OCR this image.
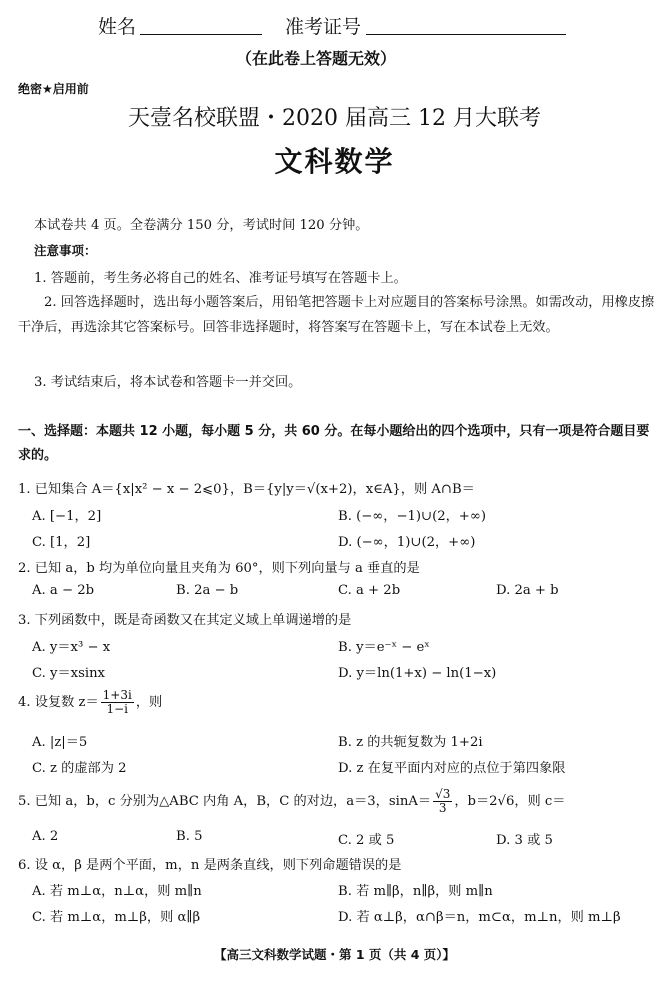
姓名	准考证号
（在此卷上答题无效）
绝密★启用前
天壹名校联盟・2020 届高三 12 月大联考
文科数学
本试卷共 4 页。全卷满分 150 分，考试时间 120 分钟。
注意事项：
1. 答题前，考生务必将自己的姓名、准考证号填写在答题卡上。
2. 回答选择题时，选出每小题答案后，用铅笔把答题卡上对应题目的答案标号涂黑。如需改动，用橡皮擦干净后，再选涂其它答案标号。回答非选择题时，将答案写在答题卡上，写在本试卷上无效。
3. 考试结束后，将本试卷和答题卡一并交回。
一、选择题：本题共 12 小题，每小题 5 分，共 60 分。在每小题给出的四个选项中，只有一项是符合题目要求的。
1. 已知集合 A＝{x|x² − x − 2⩽0}，B＝{y|y＝√(x+2)，x∈A}，则 A∩B＝
A. [−1，2]	B. (−∞，−1)∪(2，+∞)
C. [1，2]	D. (−∞，1)∪(2，+∞)
2. 已知 a，b 均为单位向量且夹角为 60°，则下列向量与 a 垂直的是
A. a − 2b	B. 2a − b	C. a + 2b	D. 2a + b
3. 下列函数中，既是奇函数又在其定义域上单调递增的是
A. y＝x³ − x	B. y＝e⁻ˣ − eˣ
C. y＝xsinx	D. y＝ln(1+x) − ln(1−x)
4. 设复数 $z= \frac{1+3i}{1-i}$ ，则
A. |z|＝5	B. z 的共轭复数为 1+2i
C. z 的虚部为 2	D. z 在复平面内对应的点位于第四象限
5. 已知 a，b，c 分别为△ABC 内角 A，B，C 的对边，a＝3，$\sin A= \frac{√3}{3}$ ，b＝2√6，则 c＝
A. 2	B. 5	C. 2 或 5	D. 3 或 5
6. 设 α，β 是两个平面，m，n 是两条直线，则下列命题错误的是
A. 若 m⊥α，n⊥α，则 m∥n	B. 若 m∥β，n∥β，则 m∥n
C. 若 m⊥α，m⊥β，则 α∥β	D. 若 α⊥β，α∩β＝n，m⊂α，m⊥n，则 m⊥β
【高三文科数学试题・第 1 页（共 4 页）】
